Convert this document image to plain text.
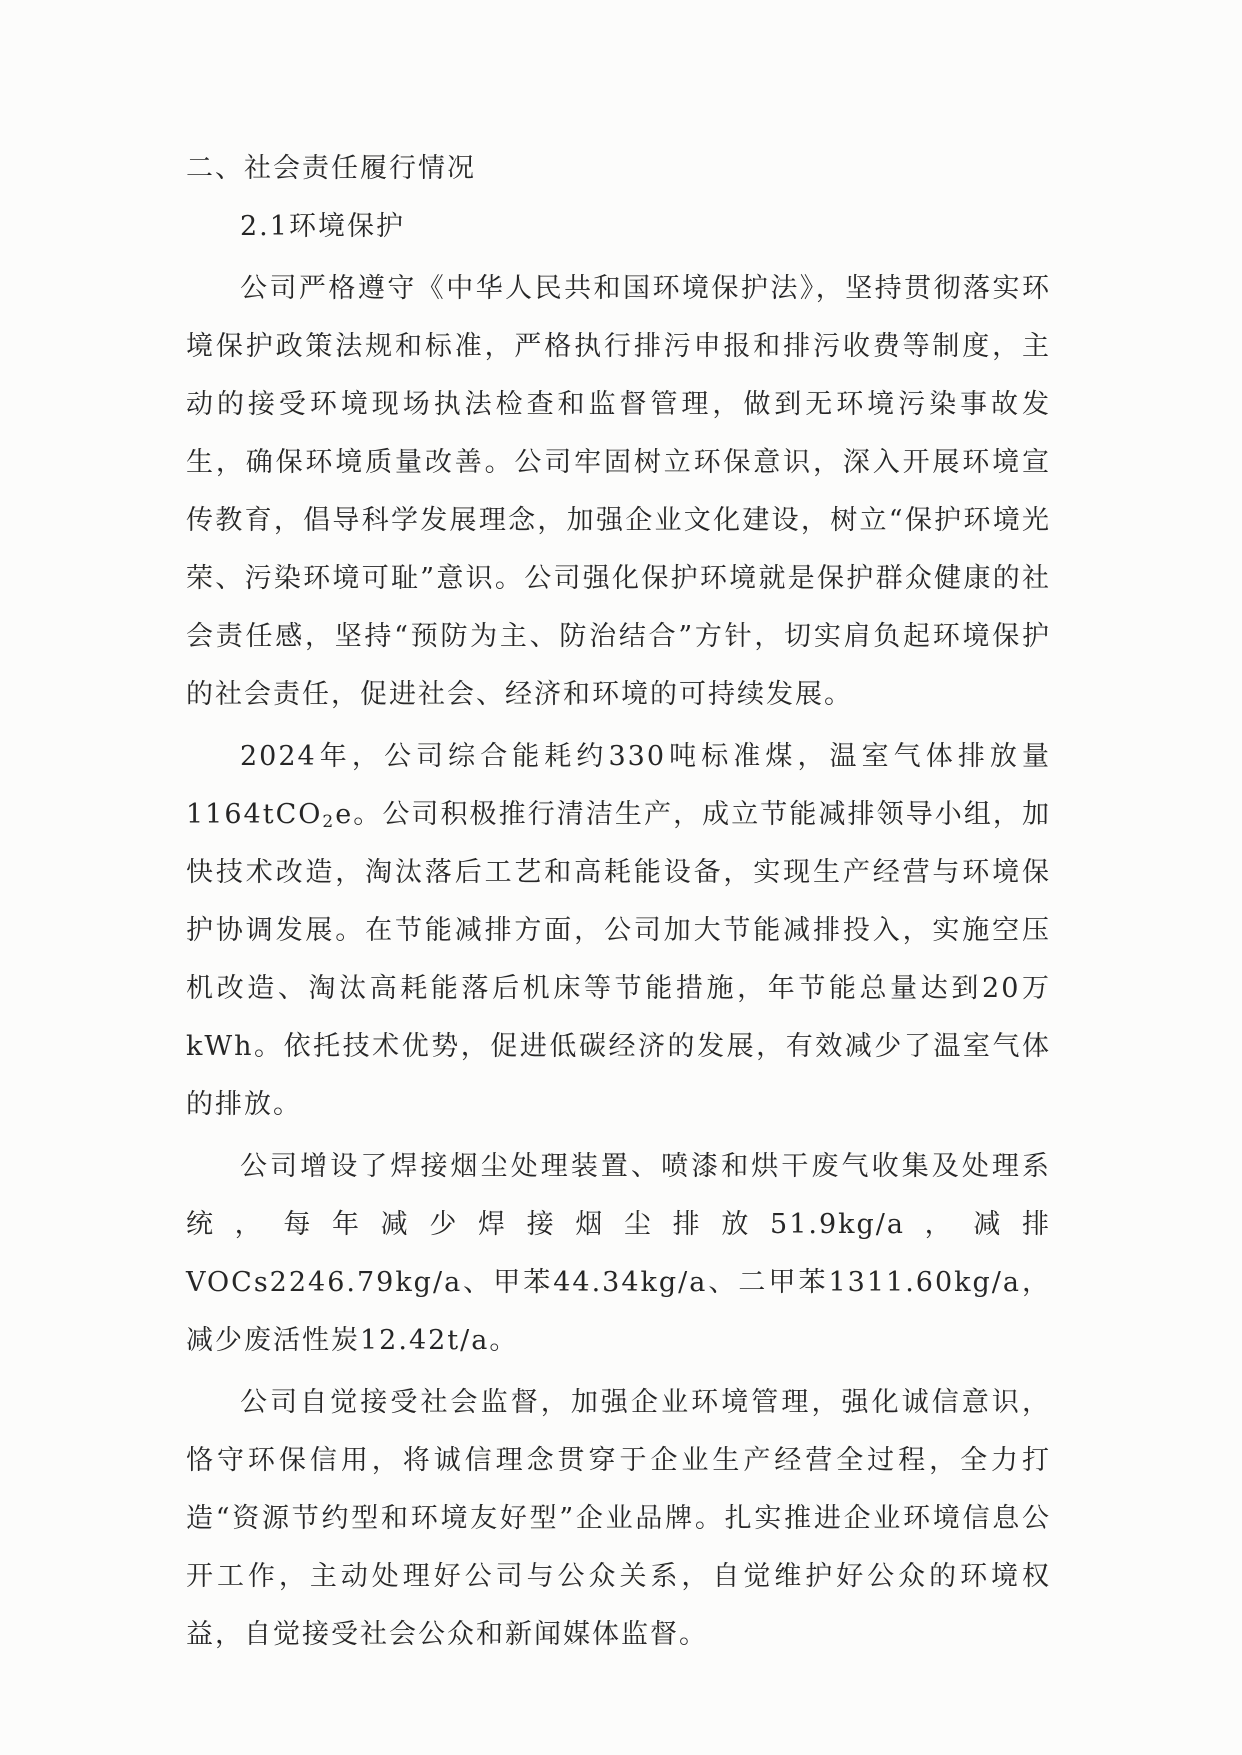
二、社会责任履行情况
2.1环境保护

公司严格遵守《中华人民共和国环境保护法》，坚持贯彻落实环境保护政策法规和标准，严格执行排污申报和排污收费等制度，主动的接受环境现场执法检查和监督管理，做到无环境污染事故发生，确保环境质量改善。公司牢固树立环保意识，深入开展环境宣传教育，倡导科学发展理念，加强企业文化建设，树立“保护环境光荣、污染环境可耻”意识。公司强化保护环境就是保护群众健康的社会责任感，坚持“预防为主、防治结合”方针，切实肩负起环境保护的社会责任，促进社会、经济和环境的可持续发展。

2024年，公司综合能耗约330吨标准煤，温室气体排放量1164tCO$_2$e。公司积极推行清洁生产，成立节能减排领导小组，加快技术改造，淘汰落后工艺和高耗能设备，实现生产经营与环境保护协调发展。在节能减排方面，公司加大节能减排投入，实施空压机改造、淘汰高耗能落后机床等节能措施，年节能总量达到20万kWh。依托技术优势，促进低碳经济的发展，有效减少了温室气体的排放。

公司增设了焊接烟尘处理装置、喷漆和烘干废气收集及处理系统，每年减少焊接烟尘排放51.9kg/a，减排VOCs2246.79kg/a、甲苯44.34kg/a、二甲苯1311.60kg/a，减少废活性炭12.42t/a。

公司自觉接受社会监督，加强企业环境管理，强化诚信意识，恪守环保信用，将诚信理念贯穿于企业生产经营全过程，全力打造“资源节约型和环境友好型”企业品牌。扎实推进企业环境信息公开工作，主动处理好公司与公众关系，自觉维护好公众的环境权益，自觉接受社会公众和新闻媒体监督。
